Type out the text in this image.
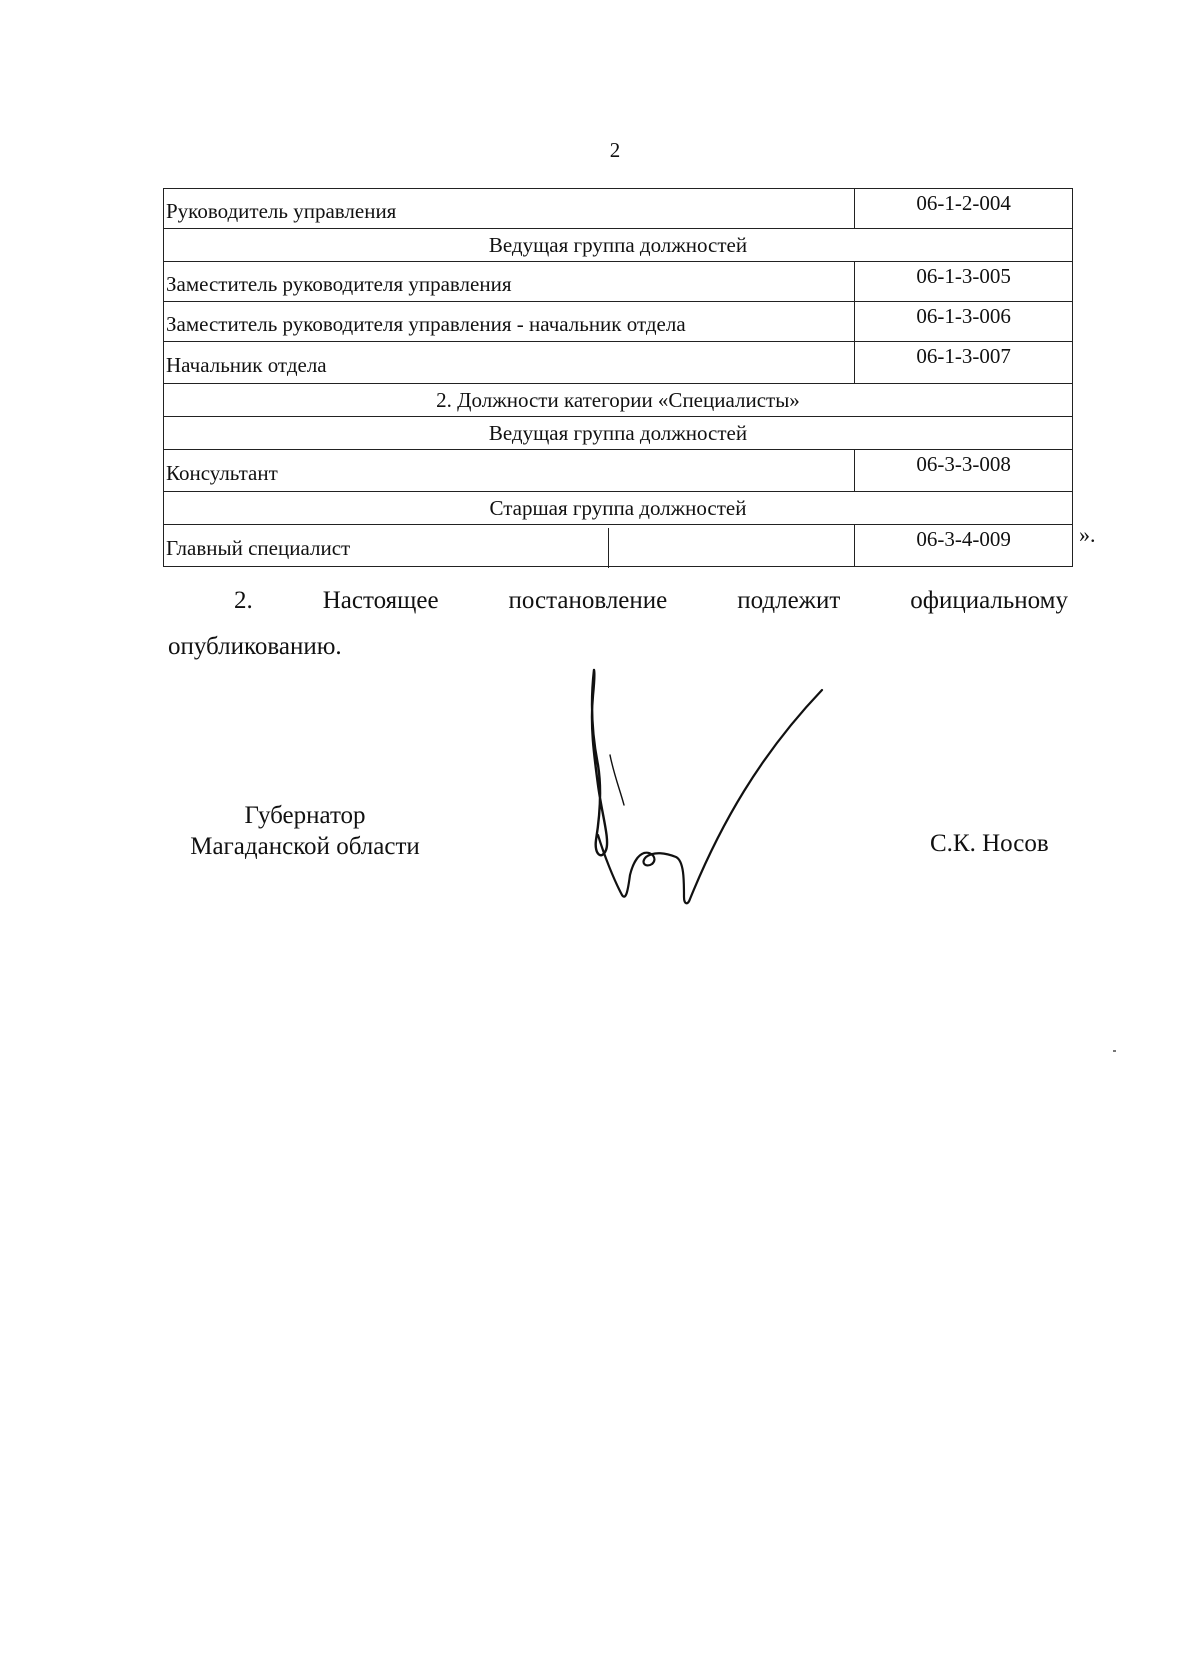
2
Руководитель управления	06-1-2-004
Ведущая группа должностей	
Заместитель руководителя управления	06-1-3-005
Заместитель руководителя управления - начальник отдела	06-1-3-006
Начальник отдела	06-1-3-007
2. Должности категории «Специалисты»	
Ведущая группа должностей	
Консультант	06-3-3-008
Старшая группа должностей	

Главный специалист	06-3-4-009	».
2. Настоящее постановление подлежит официальному опубликованию.
Губернатор
Магаданской области	С.К. Носов
